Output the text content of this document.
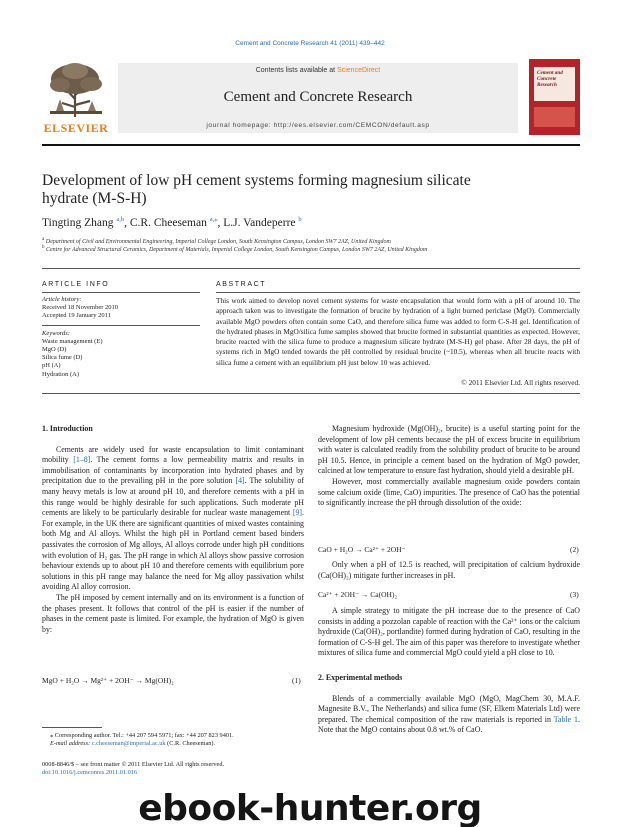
Cement and Concrete Research 41 (2011) 439–442
ELSEVIER
Contents lists available at ScienceDirect
Cement and Concrete Research
journal homepage: http://ees.elsevier.com/CEMCON/default.asp
Cement and Concrete Research
Development of low pH cement systems forming magnesium silicate
hydrate (M-S-H)
Tingting Zhang $^{a,b}$, C.R. Cheeseman $^{a,⁎}$, L.J. Vandeperre $^b$
$^a$ Department of Civil and Environmental Engineering, Imperial College London, South Kensington Campus, London SW7 2AZ, United Kingdom
$^b$ Centre for Advanced Structural Ceramics, Department of Materials, Imperial College London, South Kensington Campus, London SW7 2AZ, United Kingdom
ARTICLE INFO	ABSTRACT
Article history:
Received 18 November 2010
Accepted 19 January 2011
Keywords:
Waste management (E)
MgO (D)
Silica fume (D)
pH (A)
Hydration (A)
This work aimed to develop novel cement systems for waste encapsulation that would form with a pH of around 10. The approach taken was to investigate the formation of brucite by hydration of a light burned periclase (MgO). Commercially available MgO powders often contain some CaO, and therefore silica fume was added to form C-S-H gel. Identification of the hydrated phases in MgO/silica fume samples showed that brucite formed in substantial quantities as expected. However, brucite reacted with the silica fume to produce a magnesium silicate hydrate (M-S-H) gel phase. After 28 days, the pH of systems rich in MgO tended towards the pH controlled by residual brucite (~10.5), whereas when all brucite reacts with silica fume a cement with an equilibrium pH just below 10 was achieved.
© 2011 Elsevier Ltd. All rights reserved.
1. Introduction

Cements are widely used for waste encapsulation to limit contaminant mobility [1–8]. The cement forms a low permeability matrix and results in immobilisation of contaminants by incorporation into hydrated phases and by precipitation due to the prevailing pH in the pore solution [4]. The solubility of many heavy metals is low at around pH 10, and therefore cements with a pH in this range would be highly desirable for such applications. Such moderate pH cements are likely to be particularly desirable for nuclear waste management [9]. For example, in the UK there are significant quantities of mixed wastes containing both Mg and Al alloys. Whilst the high pH in Portland cement based binders passivates the corrosion of Mg alloys, Al alloys corrode under high pH conditions with evolution of H₂ gas. The pH range in which Al alloys show passive corrosion behaviour extends up to about pH 10 and therefore cements with equilibrium pore solutions in this pH range may balance the need for Mg alloy passivation whilst avoiding Al alloy corrosion.

The pH imposed by cement internally and on its environment is a function of the phases present. It follows that control of the pH is easier if the number of phases in the cement paste is limited. For example, the hydration of MgO is given by:

MgO + H₂O → Mg²⁺ + 2OH⁻ → Mg(OH)₂	(1)

Magnesium hydroxide (Mg(OH)₂, brucite) is a useful starting point for the development of low pH cements because the pH of excess brucite in equilibrium with water is calculated readily from the solubility product of brucite to be around pH 10.5. Hence, in principle a cement based on the hydration of MgO powder, calcined at low temperature to ensure fast hydration, should yield a desirable pH.

However, most commercially available magnesium oxide powders contain some calcium oxide (lime, CaO) impurities. The presence of CaO has the potential to significantly increase the pH through dissolution of the oxide:

CaO + H₂O → Ca²⁺ + 2OH⁻	(2)

Only when a pH of 12.5 is reached, will precipitation of calcium hydroxide (Ca(OH)₂) mitigate further increases in pH.

Ca²⁺ + 2OH⁻ → Ca(OH)₂	(3)

A simple strategy to mitigate the pH increase due to the presence of CaO consists in adding a pozzolan capable of reaction with the Ca²⁺ ions or the calcium hydroxide (Ca(OH)₂, portlandite) formed during hydration of CaO, resulting in the formation of C-S-H gel. The aim of this paper was therefore to investigate whether mixtures of silica fume and commercial MgO could yield a pH close to 10.

2. Experimental methods

Blends of a commercially available MgO (MgO, MagChem 30, M.A.F. Magnesite B.V., The Netherlands) and silica fume (SF, Elkem Materials Ltd) were prepared. The chemical composition of the raw materials is reported in Table 1. Note that the MgO contains about 0.8 wt.% of CaO.

⁎ Corresponding author. Tel.: +44 207 594 5971; fax: +44 207 823 9401.
E-mail address: c.cheeseman@imperial.ac.uk (C.R. Cheeseman).
0008-8846/$ – see front matter © 2011 Elsevier Ltd. All rights reserved.
doi:10.1016/j.cemconres.2011.01.016
ebook-hunter.org
